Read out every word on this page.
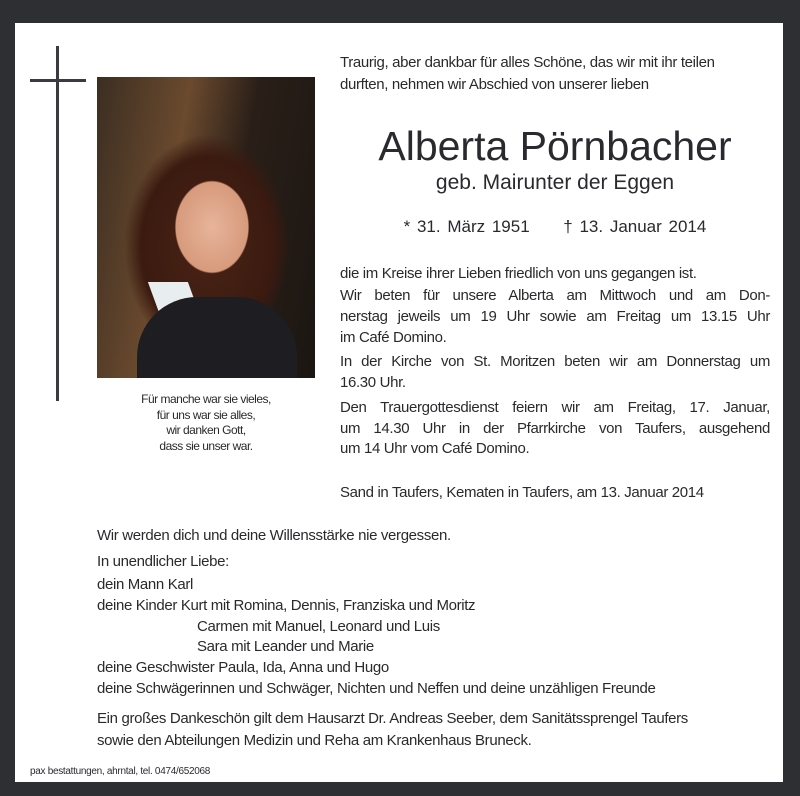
Für manche war sie vieles,
für uns war sie alles,
wir danken Gott,
dass sie unser war.
Traurig, aber dankbar für alles Schöne, das wir mit ihr teilen
durften, nehmen wir Abschied von unserer lieben
Alberta Pörnbacher
geb. Mairunter der Eggen
* 31. März 1951 † 13. Januar 2014
die im Kreise ihrer Lieben friedlich von uns gegangen ist.
Wir beten für unsere Alberta am Mittwoch und am Don-
nerstag jeweils um 19 Uhr sowie am Freitag um 13.15 Uhr
im Café Domino.
In der Kirche von St. Moritzen beten wir am Donnerstag um
16.30 Uhr.
Den Trauergottesdienst feiern wir am Freitag, 17. Januar,
um 14.30 Uhr in der Pfarrkirche von Taufers, ausgehend
um 14 Uhr vom Café Domino.
Sand in Taufers, Kematen in Taufers, am 13. Januar 2014
Wir werden dich und deine Willensstärke nie vergessen.
In unendlicher Liebe:
dein Mann Karl
deine Kinder Kurt mit Romina, Dennis, Franziska und Moritz
Carmen mit Manuel, Leonard und Luis
Sara mit Leander und Marie
deine Geschwister Paula, Ida, Anna und Hugo
deine Schwägerinnen und Schwäger, Nichten und Neffen und deine unzähligen Freunde
Ein großes Dankeschön gilt dem Hausarzt Dr. Andreas Seeber, dem Sanitätssprengel Taufers
sowie den Abteilungen Medizin und Reha am Krankenhaus Bruneck.
pax bestattungen, ahrntal, tel. 0474/652068
